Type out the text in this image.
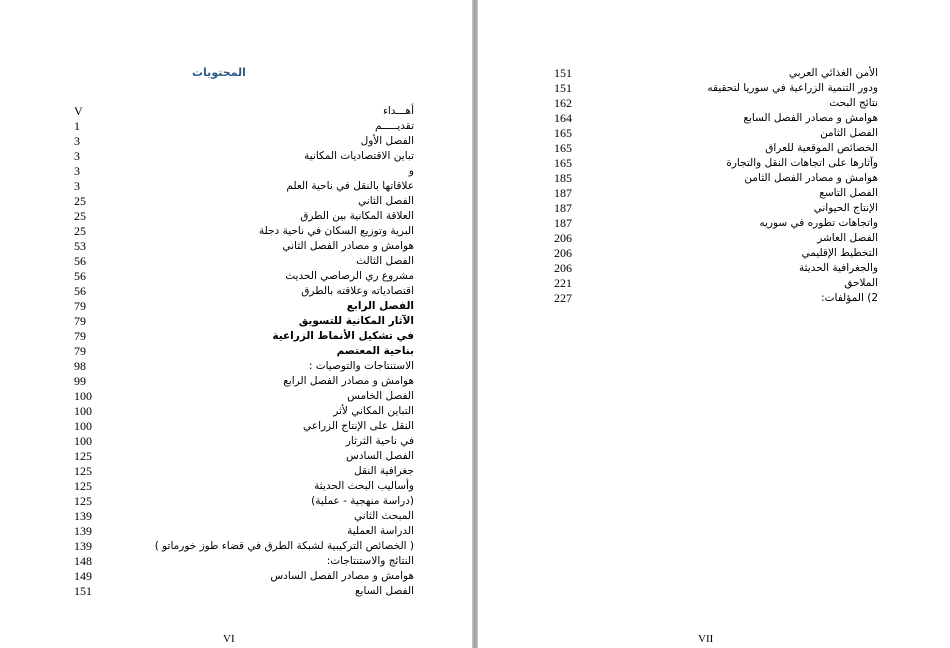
المحتويات
V	أهـــداء
1	تقديـــــم
3	الفصل الأول
3	تباين الاقتصاديات المكانية
3	و
3	علاقاتها بالنقل في ناحية العلم
25	الفصل الثاني
25	العلاقة المكانية بين الطرق
25	البرية وتوزيع السكان في ناحية دجلة
53	هوامش و مصادر الفصل الثاني
56	الفصل الثالث
56	مشروع ري الرصاصي الحديث
56	اقتصادياته وعلاقته بالطرق
79	الفصل الرابع
79	الآثار المكانية للتسويق
79	في تشكيل الأنماط الزراعية
79	بناحية المعتصم
98	الاستنتاجات والتوصيات :
99	هوامش و مصادر الفصل الرابع
100	الفصل الخامس
100	التباين المكاني لأثر
100	النقل على الإنتاج الزراعي
100	في ناحية الثرثار
125	الفصل السادس
125	جغرافية النقل
125	وأساليب البحث الحديثة
125	(دراسة منهجية - عملية)
139	المبحث الثاني
139	الدراسة العملية
139	( الخصائص التركيبية لشبكة الطرق في قضاء طوز خورماتو )
148	النتائج والاستنتاجات:
149	هوامش و مصادر الفصل السادس
151	الفصل السابع
VI	VII
151	الأمن الغذائي العربي
151	ودور التنمية الزراعية في سوريا لتحقيقه
162	نتائج البحث
164	هوامش و مصادر الفصل السابع
165	الفصل الثامن
165	الخصائص الموقعية للعراق
165	وآثارها على اتجاهات النقل والتجارة
185	هوامش و مصادر الفصل الثامن
187	الفصل التاسع
187	الإنتاج الحيواني
187	واتجاهات تطوره في سوريه
206	الفصل العاشر
206	التخطيط الإقليمي
206	والجغرافية الحديثة
221	الملاحق
227	2) المؤلفات:
